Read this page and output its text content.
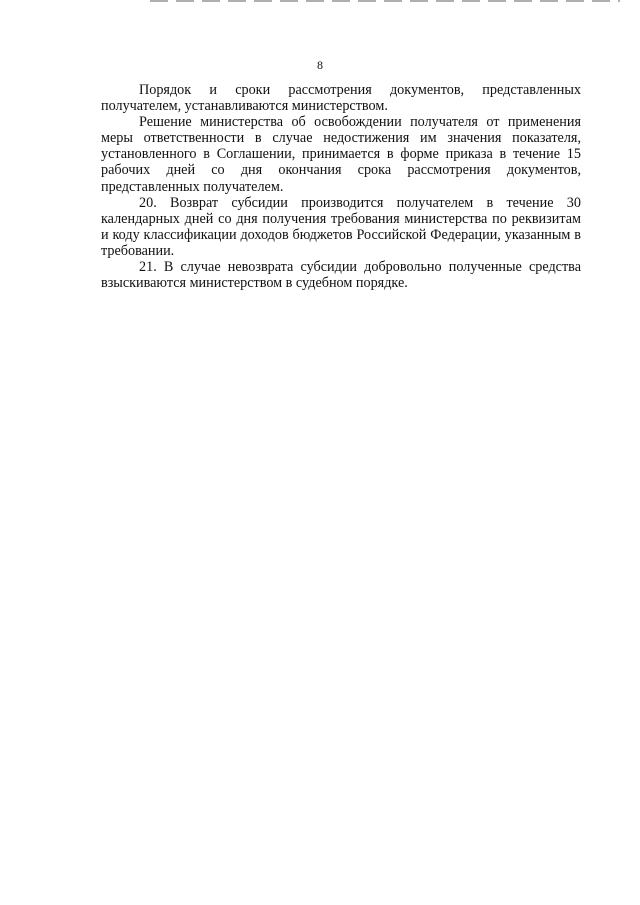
8

Порядок и сроки рассмотрения документов, представленных получателем, устанавливаются министерством.

Решение министерства об освобождении получателя от применения меры ответственности в случае недостижения им значения показателя, установленного в Соглашении, принимается в форме приказа в течение 15 рабочих дней со дня окончания срока рассмотрения документов, представленных получателем.

20. Возврат субсидии производится получателем в течение 30 календарных дней со дня получения требования министерства по реквизитам и коду классификации доходов бюджетов Российской Федерации, указанным в требовании.

21. В случае невозврата субсидии добровольно полученные средства взыскиваются министерством в судебном порядке.
